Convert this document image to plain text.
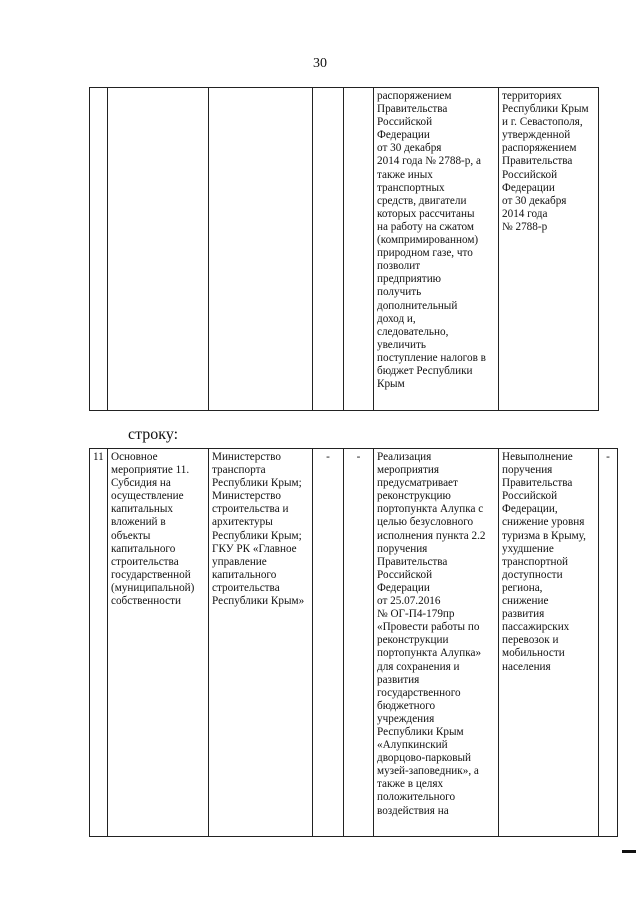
30
					распоряжением
Правительства
Российской
Федерации
от 30 декабря
2014 года № 2788-р, а
также иных
транспортных
средств, двигатели
которых рассчитаны
на работу на сжатом
(компримированном)
природном газе, что
позволит
предприятию
получить
дополнительный
доход и,
следовательно,
увеличить
поступление налогов в
бюджет Республики
Крым	территориях
Республики Крым
и г. Севастополя,
утвержденной
распоряжением
Правительства
Российской
Федерации
от 30 декабря
2014 года
№ 2788-р
строку:
11	Основное
мероприятие 11.
Субсидия на
осуществление
капитальных
вложений в
объекты
капитального
строительства
государственной
(муниципальной)
собственности	Министерство
транспорта
Республики Крым;
Министерство
строительства и
архитектуры
Республики Крым;
ГКУ РК «Главное
управление
капитального
строительства
Республики Крым»	-	-	Реализация
мероприятия
предусматривает
реконструкцию
портопункта Алупка с
целью безусловного
исполнения пункта 2.2
поручения
Правительства
Российской
Федерации
от 25.07.2016
№ ОГ-П4-179пр
«Провести работы по
реконструкции
портопункта Алупка»
для сохранения и
развития
государственного
бюджетного
учреждения
Республики Крым
«Алупкинский
дворцово-парковый
музей-заповедник», а
также в целях
положительного
воздействия на	Невыполнение
поручения
Правительства
Российской
Федерации,
снижение уровня
туризма в Крыму,
ухудшение
транспортной
доступности
региона,
снижение
развития
пассажирских
перевозок и
мобильности
населения	-
